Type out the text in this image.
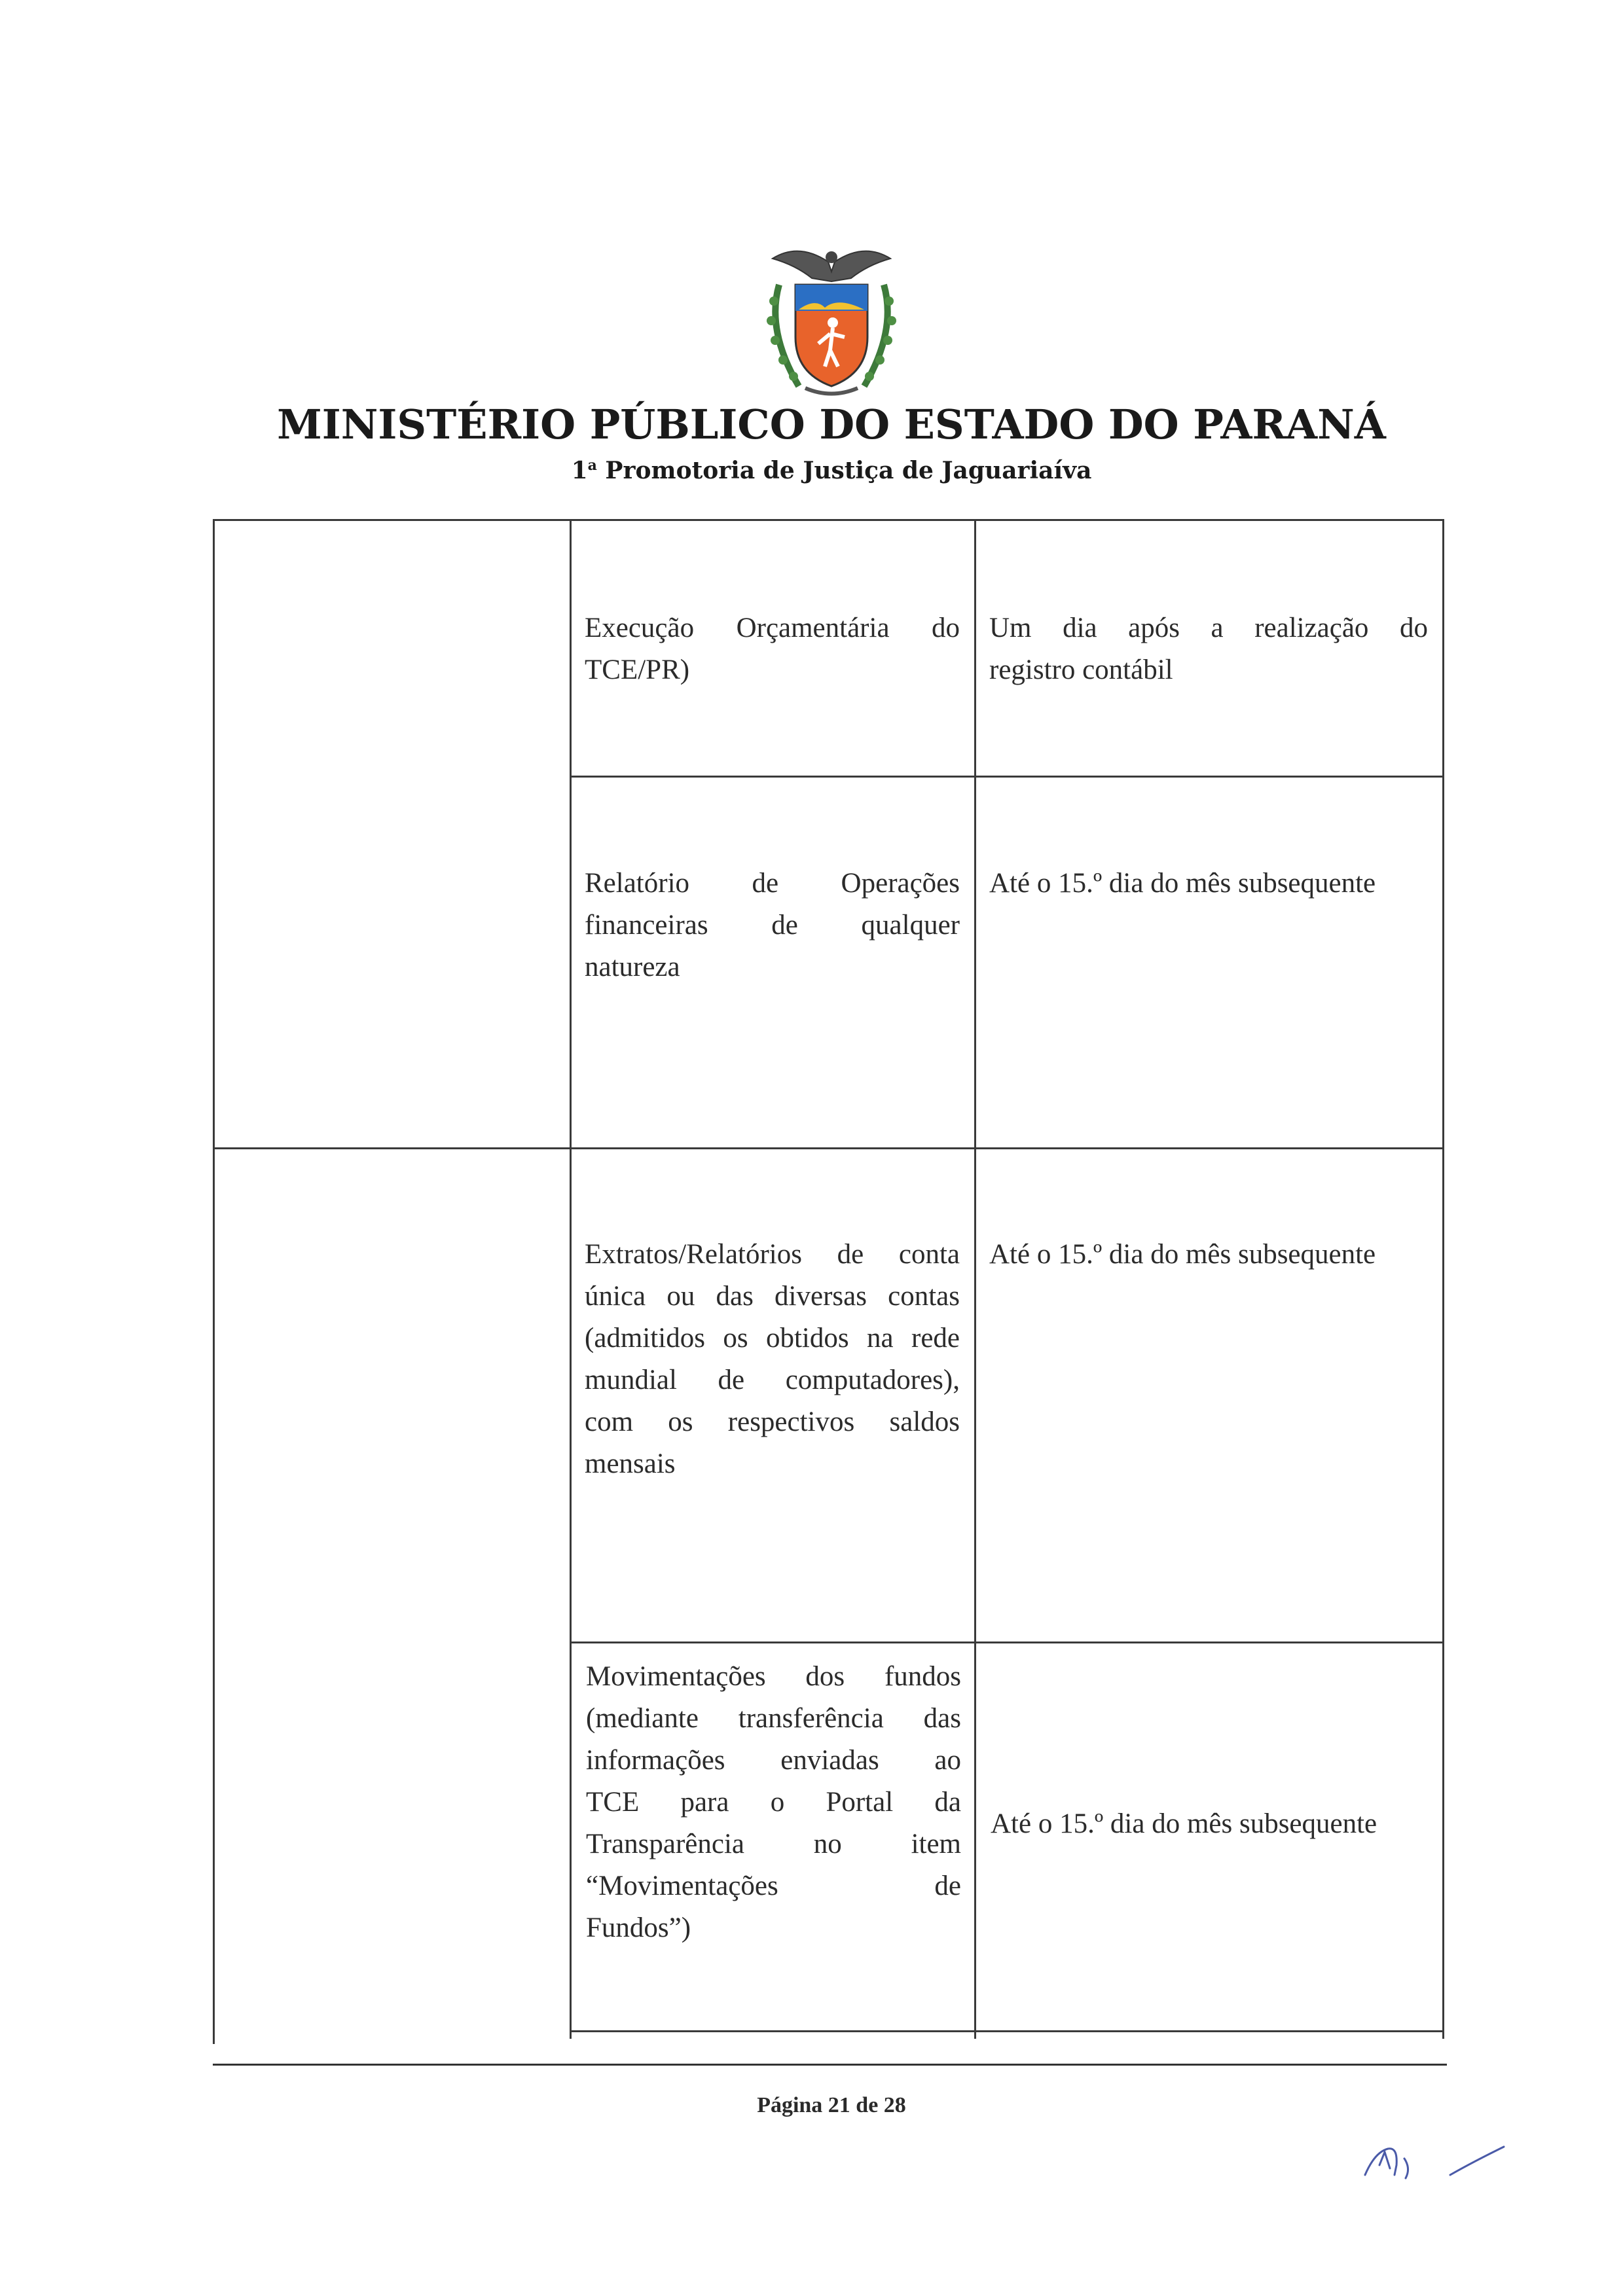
MINISTÉRIO PÚBLICO DO ESTADO DO PARANÁ
1$^a$ Promotoria de Justiça de Jaguariaíva
Execução Orçamentária do
TCE/PR)
Um dia após a realização do
registro contábil
Relatório de Operações
financeiras de qualquer
natureza
Até o 15.º dia do mês subsequente
Extratos/Relatórios de conta
única ou das diversas contas
(admitidos os obtidos na rede
mundial de computadores),
com os respectivos saldos
mensais
Até o 15.º dia do mês subsequente
Movimentações dos fundos
(mediante transferência das
informações enviadas ao
TCE para o Portal da
Transparência no item
“Movimentações de
Fundos”)
Até o 15.º dia do mês subsequente
Página 21 de 28
